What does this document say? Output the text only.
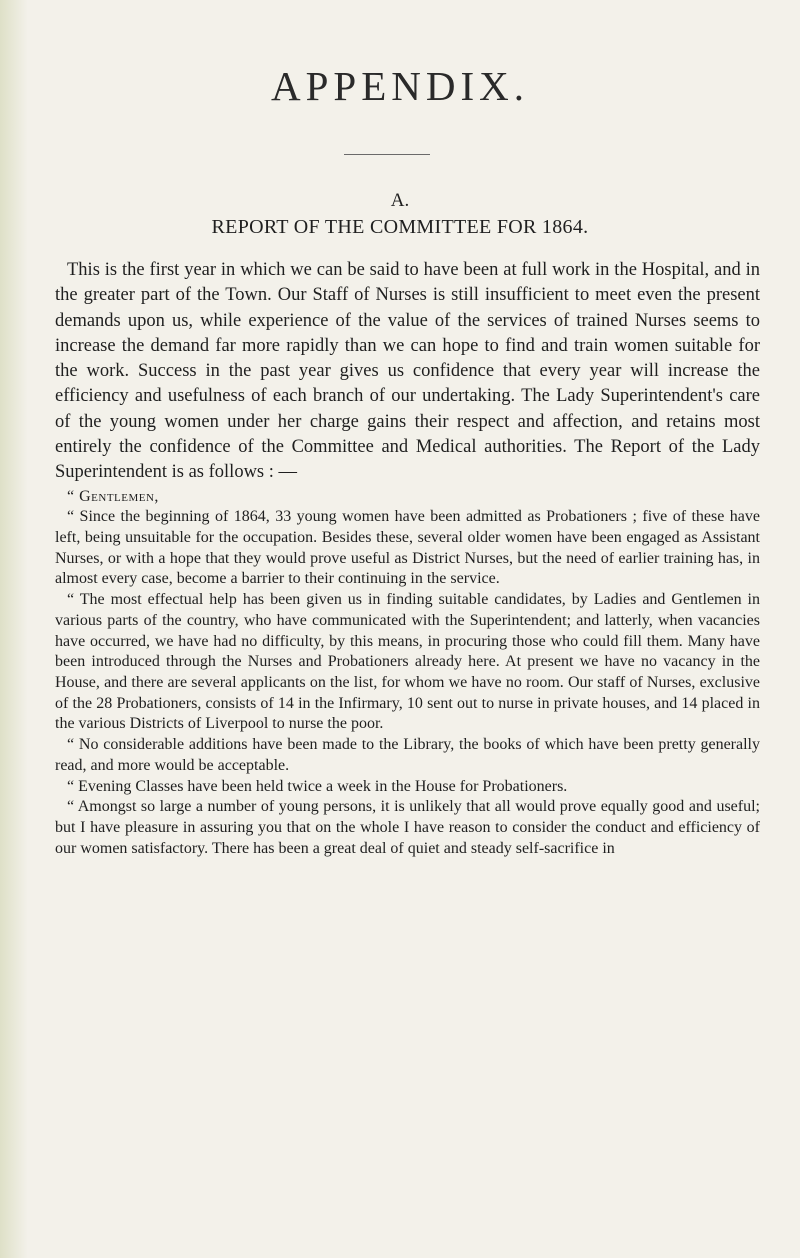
APPENDIX.
A.
REPORT OF THE COMMITTEE FOR 1864.

This is the first year in which we can be said to have been at full work in the Hospital, and in the greater part of the Town. Our Staff of Nurses is still insufficient to meet even the present demands upon us, while experience of the value of the services of trained Nurses seems to increase the demand far more rapidly than we can hope to find and train women suitable for the work. Success in the past year gives us confidence that every year will increase the efficiency and usefulness of each branch of our undertaking. The Lady Superintendent's care of the young women under her charge gains their respect and affection, and retains most entirely the confidence of the Committee and Medical authorities. The Report of the Lady Superintendent is as follows : —

“ Gentlemen,

“ Since the beginning of 1864, 33 young women have been admitted as Probationers ; five of these have left, being unsuitable for the occupation. Besides these, several older women have been engaged as Assistant Nurses, or with a hope that they would prove useful as District Nurses, but the need of earlier training has, in almost every case, become a barrier to their continuing in the service.

“ The most effectual help has been given us in finding suitable candidates, by Ladies and Gentlemen in various parts of the country, who have communicated with the Superintendent; and latterly, when vacancies have occurred, we have had no difficulty, by this means, in procuring those who could fill them. Many have been introduced through the Nurses and Probationers already here. At present we have no vacancy in the House, and there are several applicants on the list, for whom we have no room. Our staff of Nurses, exclusive of the 28 Probationers, consists of 14 in the Infirmary, 10 sent out to nurse in private houses, and 14 placed in the various Districts of Liverpool to nurse the poor.

“ No considerable additions have been made to the Library, the books of which have been pretty generally read, and more would be acceptable.

“ Evening Classes have been held twice a week in the House for Probationers.

“ Amongst so large a number of young persons, it is unlikely that all would prove equally good and useful; but I have pleasure in assuring you that on the whole I have reason to consider the conduct and efficiency of our women satisfactory. There has been a great deal of quiet and steady self-sacrifice in
